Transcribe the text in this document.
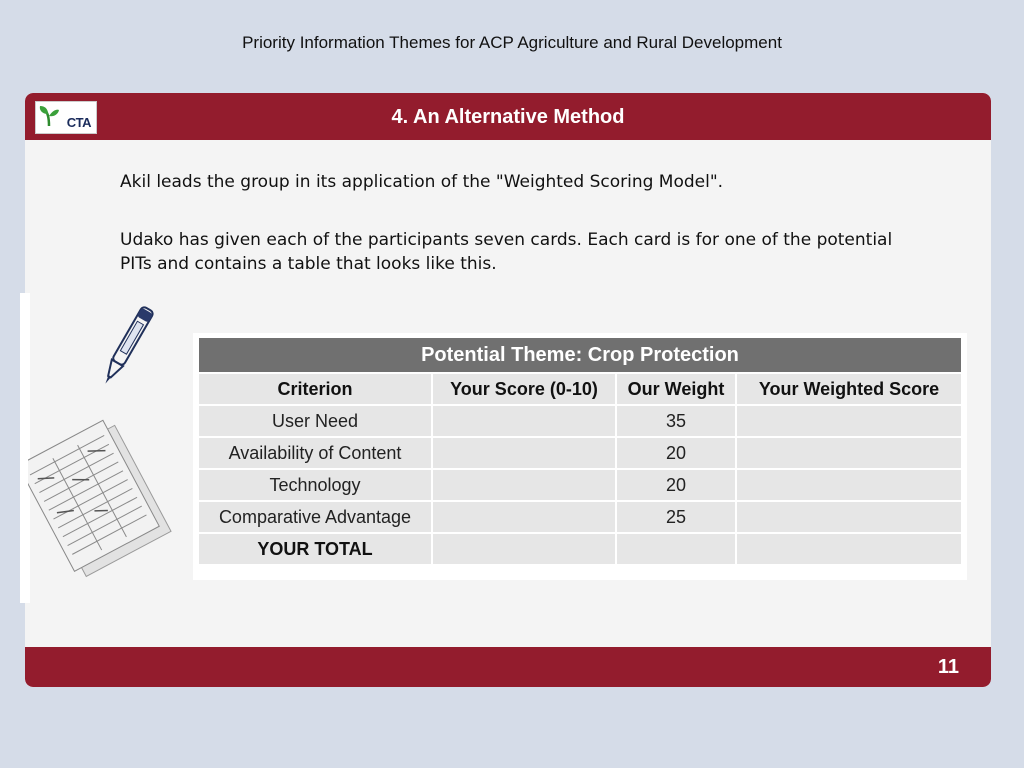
Priority Information Themes for ACP Agriculture and Rural Development
CTA	4. An Alternative Method
Akil leads the group in its application of the "Weighted Scoring Model".
Udako has given each of the participants seven cards. Each card is for one of the potential PITs and contains a table that looks like this.
11
Potential Theme: Crop Protection			
Criterion	Your Score (0-10)	Our Weight	Your Weighted Score
User Need		35	
Availability of Content		20	
Technology		20	
Comparative Advantage		25	
YOUR TOTAL			
